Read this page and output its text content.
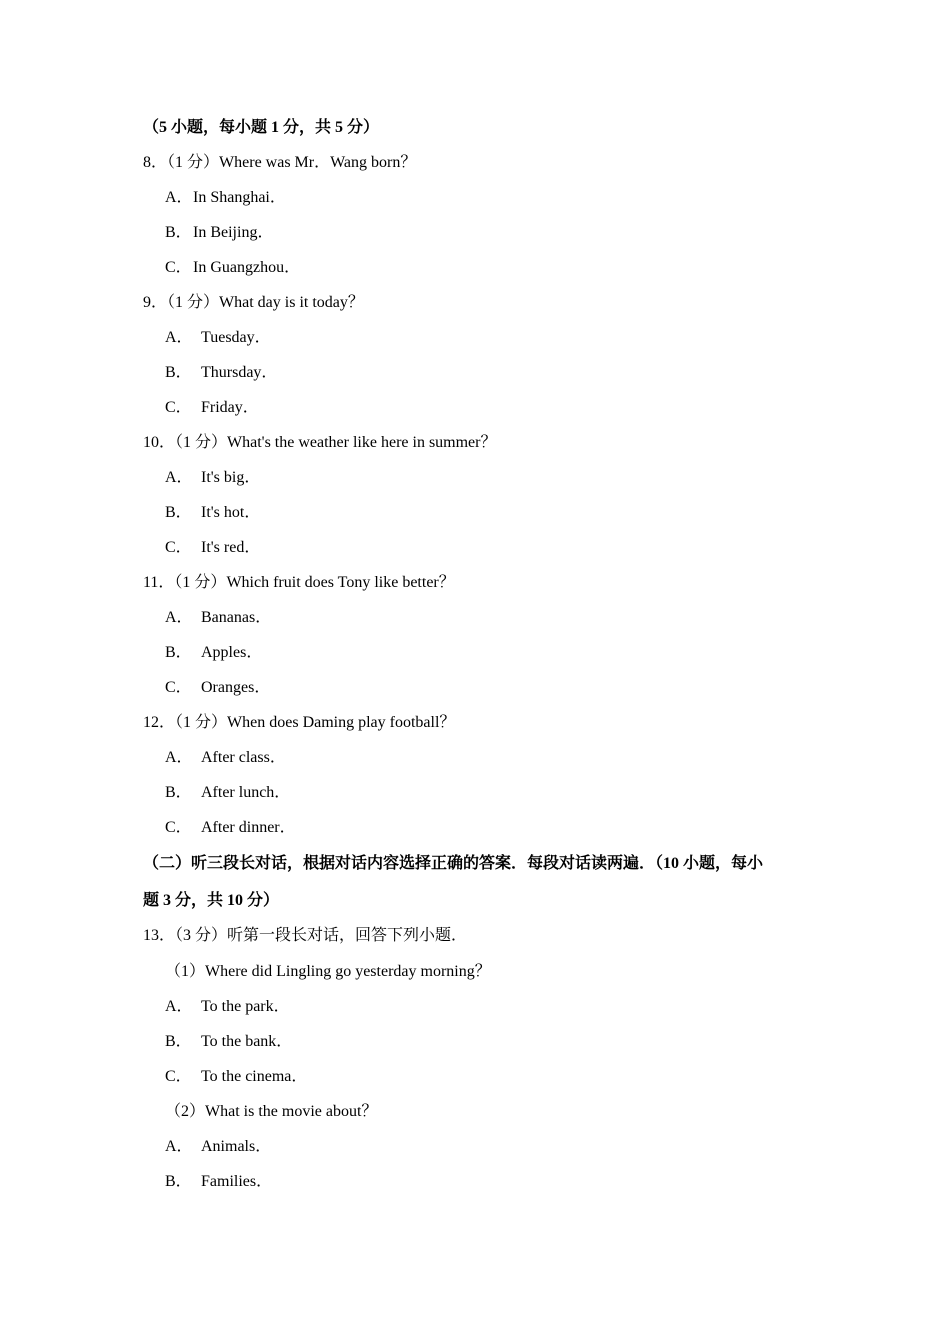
（5 小题，每小题 1 分，共 5 分）
8．（1 分）Where was Mr．Wang born？
A．In Shanghai．
B．In Beijing．
C．In Guangzhou．
9．（1 分）What day is it today？
A． Tuesday．
B． Thursday．
C． Friday．
10．（1 分）What's the weather like here in summer？
A． It's big．
B． It's hot．
C． It's red．
11．（1 分）Which fruit does Tony like better？
A． Bananas．
B． Apples．
C． Oranges．
12．（1 分）When does Daming play football？
A． After class．
B． After lunch．
C． After dinner．
（二）听三段长对话，根据对话内容选择正确的答案．每段对话读两遍．（10 小题，每小
题 3 分，共 10 分）
13．（3 分）听第一段长对话，回答下列小题．
（1）Where did Lingling go yesterday morning？
A． To the park．
B． To the bank．
C． To the cinema．
（2）What is the movie about？
A． Animals．
B． Families．
